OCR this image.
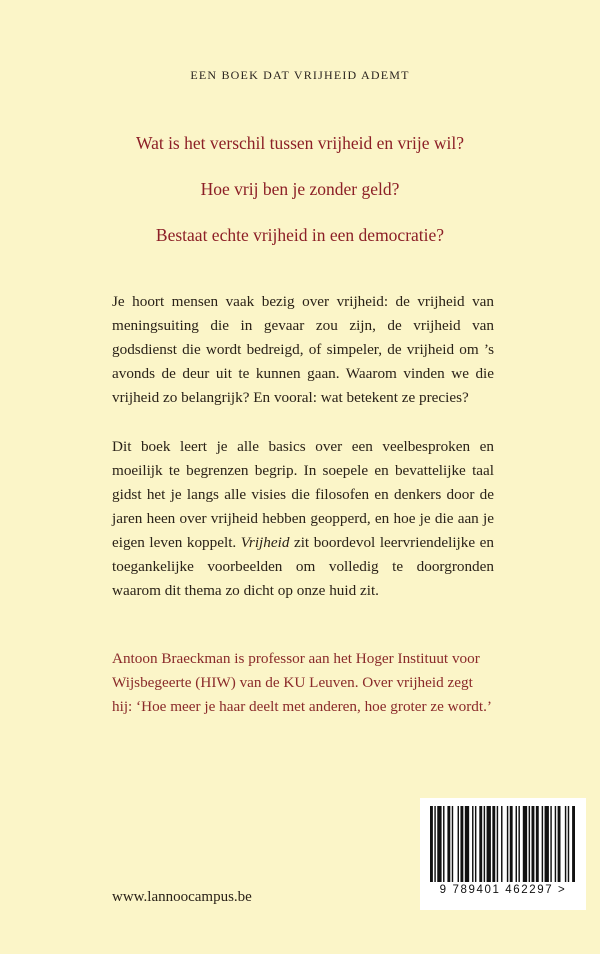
EEN BOEK DAT VRIJHEID ADEMT

Wat is het verschil tussen vrijheid en vrije wil?

Hoe vrij ben je zonder geld?

Bestaat echte vrijheid in een democratie?

Je hoort mensen vaak bezig over vrijheid: de vrijheid van meningsuiting die in gevaar zou zijn, de vrijheid van godsdienst die wordt bedreigd, of simpeler, de vrijheid om ’s avonds de deur uit te kunnen gaan. Waarom vinden we die vrijheid zo belangrijk? En vooral: wat betekent ze precies?

Dit boek leert je alle basics over een veelbesproken en moeilijk te begrenzen begrip. In soepele en bevattelijke taal gidst het je langs alle visies die filosofen en denkers door de jaren heen over vrijheid hebben geopperd, en hoe je die aan je eigen leven koppelt. Vrijheid zit boordevol leervriendelijke en toegankelijke voorbeelden om volledig te doorgronden waarom dit thema zo dicht op onze huid zit.

Antoon Braeckman is professor aan het Hoger Instituut voor Wijsbegeerte (HIW) van de KU Leuven. Over vrijheid zegt hij: ‘Hoe meer je haar deelt met anderen, hoe groter ze wordt.’

www.lannoocampus.be	9 789401 462297 >
